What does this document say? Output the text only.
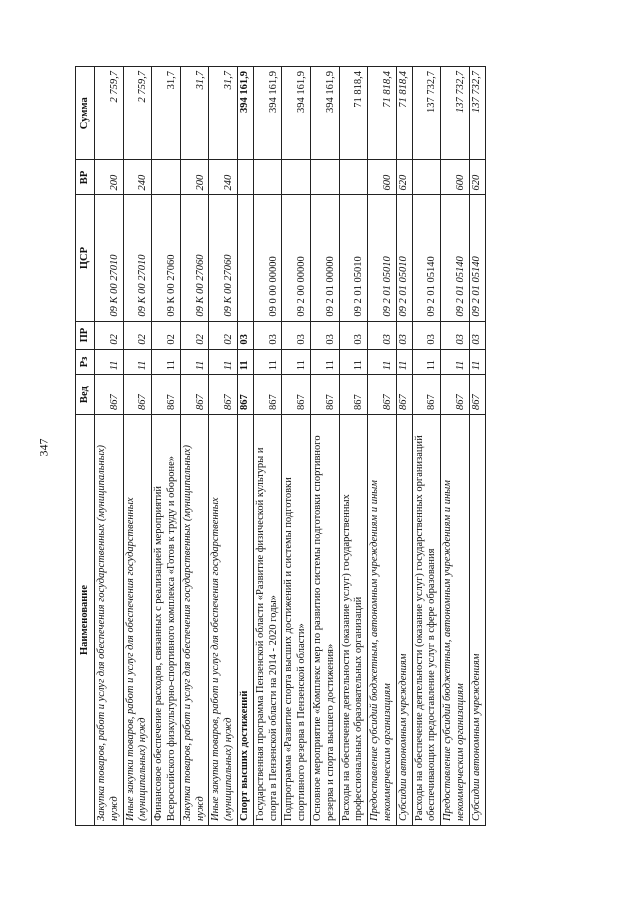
347
Наименование	Вед	Рз	ПР	ЦСР	ВР	Сумма
Закупка товаров, работ и услуг для обеспечения государственных (муниципальных) нужд	867	11	02	09 К 00 27010	200	2 759,7
Иные закупки товаров, работ и услуг для обеспечения государственных (муниципальных) нужд	867	11	02	09 К 00 27010	240	2 759,7
Финансовое обеспечение расходов, связанных с реализацией мероприятий Всероссийского физкультурно-спортивного комплекса «Готов к труду и обороне»	867	11	02	09 К 00 27060		31,7
Закупка товаров, работ и услуг для обеспечения государственных (муниципальных) нужд	867	11	02	09 К 00 27060	200	31,7
Иные закупки товаров, работ и услуг для обеспечения государственных (муниципальных) нужд	867	11	02	09 К 00 27060	240	31,7
Спорт высших достижений	867	11	03			394 161,9
Государственная программа Пензенской области «Развитие физической культуры и спорта в Пензенской области на 2014 - 2020 годы»	867	11	03	09 0 00 00000		394 161,9
Подпрограмма «Развитие спорта высших достижений и системы подготовки спортивного резерва в Пензенской области»	867	11	03	09 2 00 00000		394 161,9
Основное мероприятие «Комплекс мер по развитию системы подготовки спортивного резерва и спорта высшего достижения»	867	11	03	09 2 01 00000		394 161,9
Расходы на обеспечение деятельности (оказание услуг) государственных профессиональных образовательных организаций	867	11	03	09 2 01 05010		71 818,4
Предоставление субсидий бюджетным, автономным учреждениям и иным некоммерческим организациям	867	11	03	09 2 01 05010	600	71 818,4
Субсидии автономным учреждениям	867	11	03	09 2 01 05010	620	71 818,4
Расходы на обеспечение деятельности (оказание услуг) государственных организаций обеспечивающих предоставление услуг в сфере образования	867	11	03	09 2 01 05140		137 732,7
Предоставление субсидий бюджетным, автономным учреждениям и иным некоммерческим организациям	867	11	03	09 2 01 05140	600	137 732,7
Субсидии автономным учреждениям	867	11	03	09 2 01 05140	620	137 732,7
